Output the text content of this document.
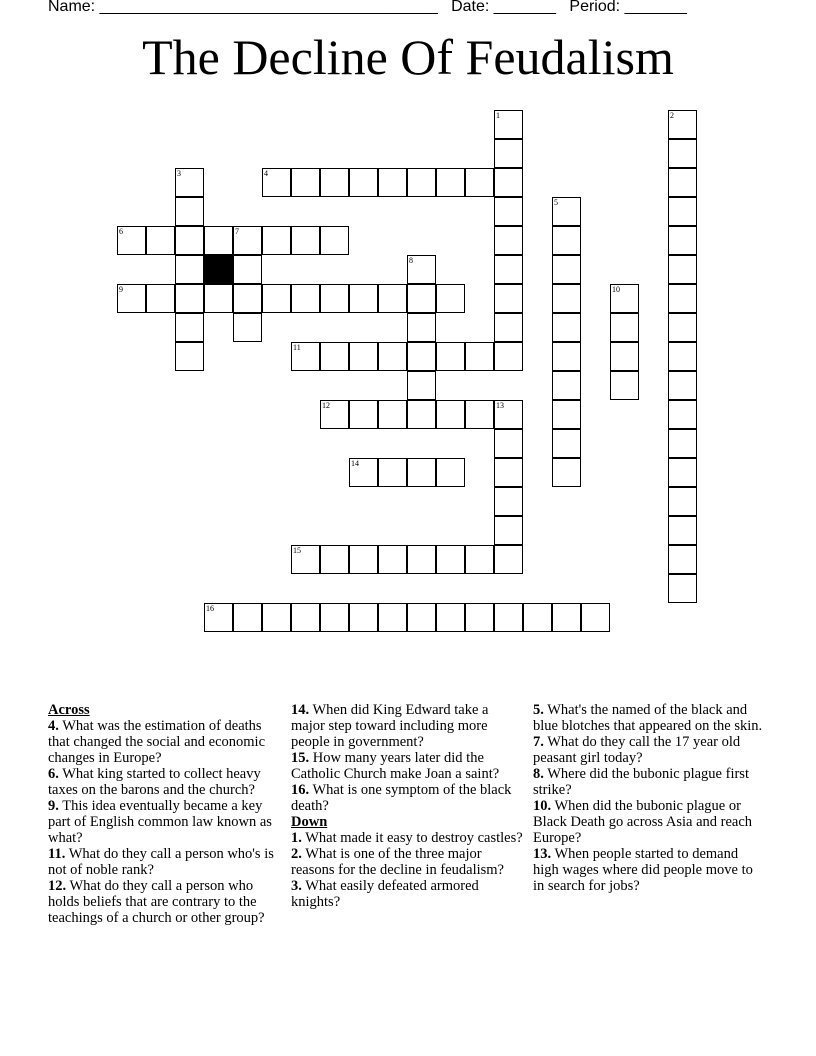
Name: ______________________________________ Date: _______ Period: _______
The Decline Of Feudalism
1	2
3	4
5
6	7
8
9	10
11
12	13
14
15
16
Across
4. What was the estimation of deaths that changed the social and economic changes in Europe?
6. What king started to collect heavy taxes on the barons and the church?
9. This idea eventually became a key part of English common law known as what?
11. What do they call a person who's is not of noble rank?
12. What do they call a person who holds beliefs that are contrary to the teachings of a church or other group?
14. When did King Edward take a major step toward including more people in government?
15. How many years later did the Catholic Church make Joan a saint?
16. What is one symptom of the black death?
Down
1. What made it easy to destroy castles?
2. What is one of the three major reasons for the decline in feudalism?
3. What easily defeated armored knights?
5. What's the named of the black and blue blotches that appeared on the skin.
7. What do they call the 17 year old peasant girl today?
8. Where did the bubonic plague first strike?
10. When did the bubonic plague or Black Death go across Asia and reach Europe?
13. When people started to demand high wages where did people move to in search for jobs?
